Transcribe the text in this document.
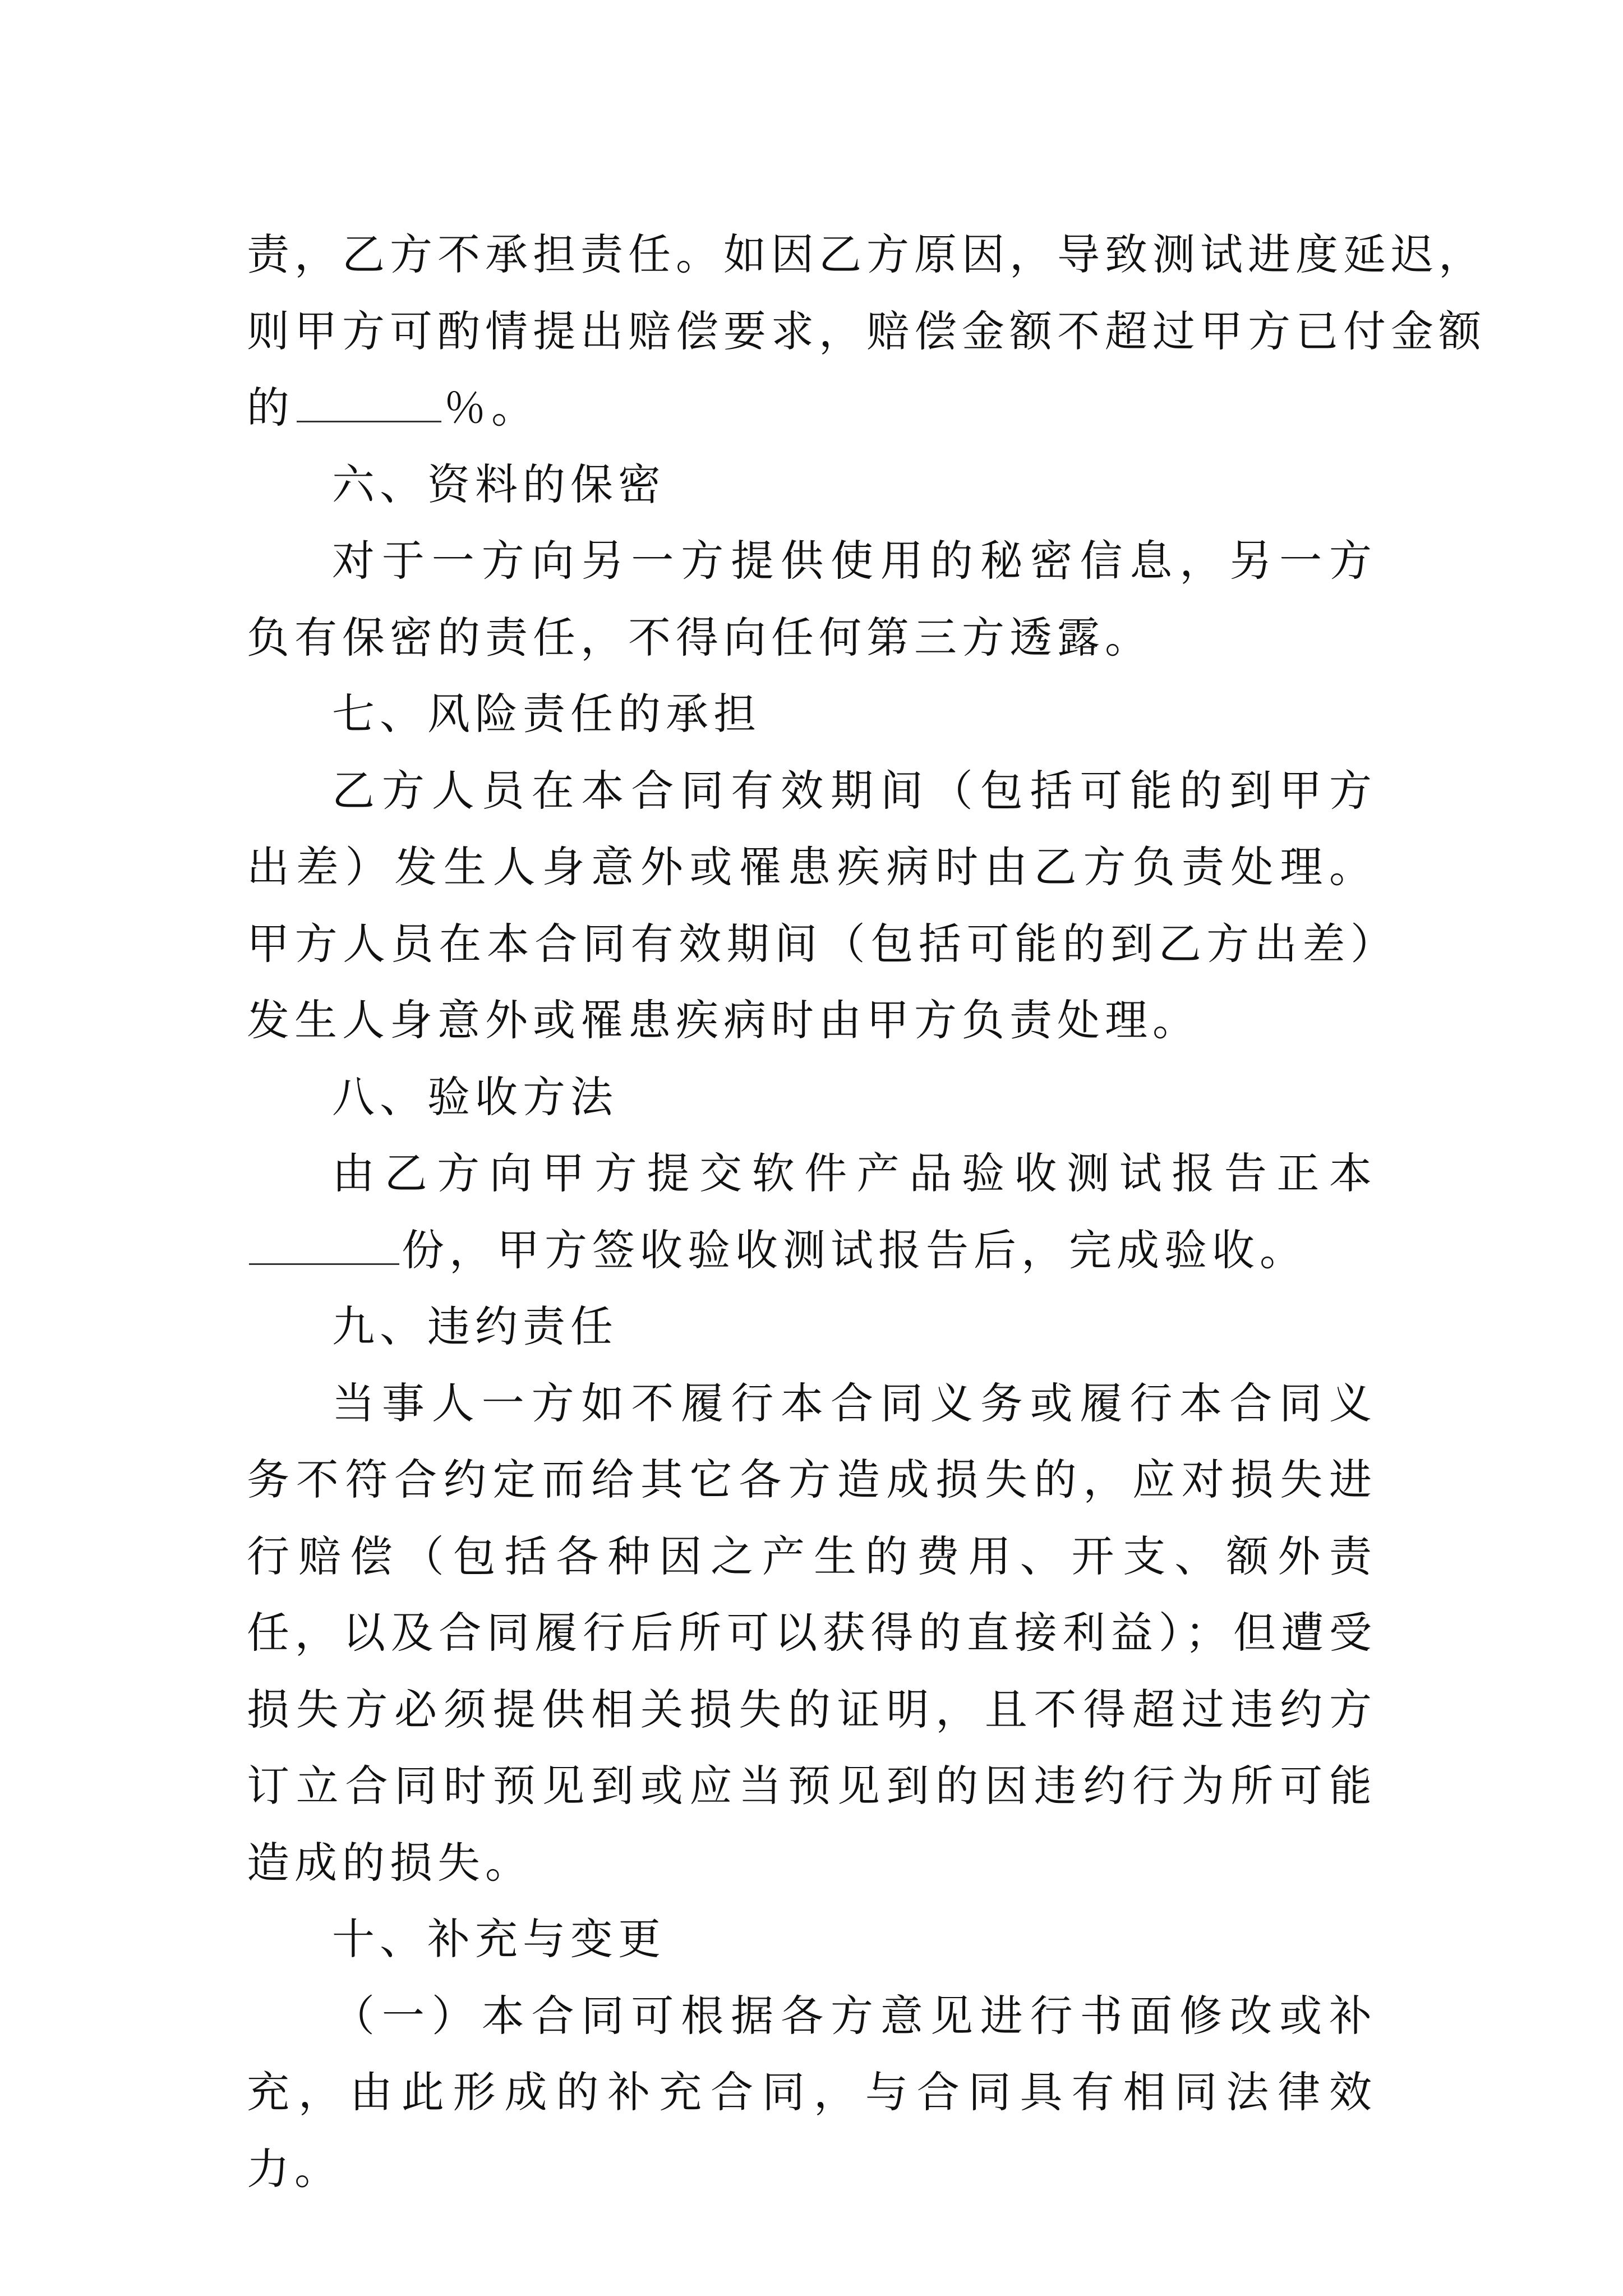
责，乙方不承担责任。如因乙方原因，导致测试进度延迟，
则甲方可酌情提出赔偿要求，赔偿金额不超过甲方已付金额
的	％。
六、资料的保密
对于一方向另一方提供使用的秘密信息，另一方负有保密的责任，不得向任何第三方透露。
七、风险责任的承担
乙方人员在本合同有效期间（包括可能的到甲方出差）发生人身意外或罹患疾病时由乙方负责处理。甲方人员在本合同有效期间（包括可能的到乙方出差）发生人身意外或罹患疾病时由甲方负责处理。
八、验收方法
由乙方向甲方提交软件产品验收测试报告正本份，甲方签收验收测试报告后，完成验收。
九、违约责任
当事人一方如不履行本合同义务或履行本合同义务不符合约定而给其它各方造成损失的，应对损失进行赔偿（包括各种因之产生的费用、开支、额外责任，以及合同履行后所可以获得的直接利益）；但遭受损失方必须提供相关损失的证明，且不得超过违约方订立合同时预见到或应当预见到的因违约行为所可能造成的损失。
十、补充与变更
（一）本合同可根据各方意见进行书面修改或补充，由此形成的补充合同，与合同具有相同法律效力。
